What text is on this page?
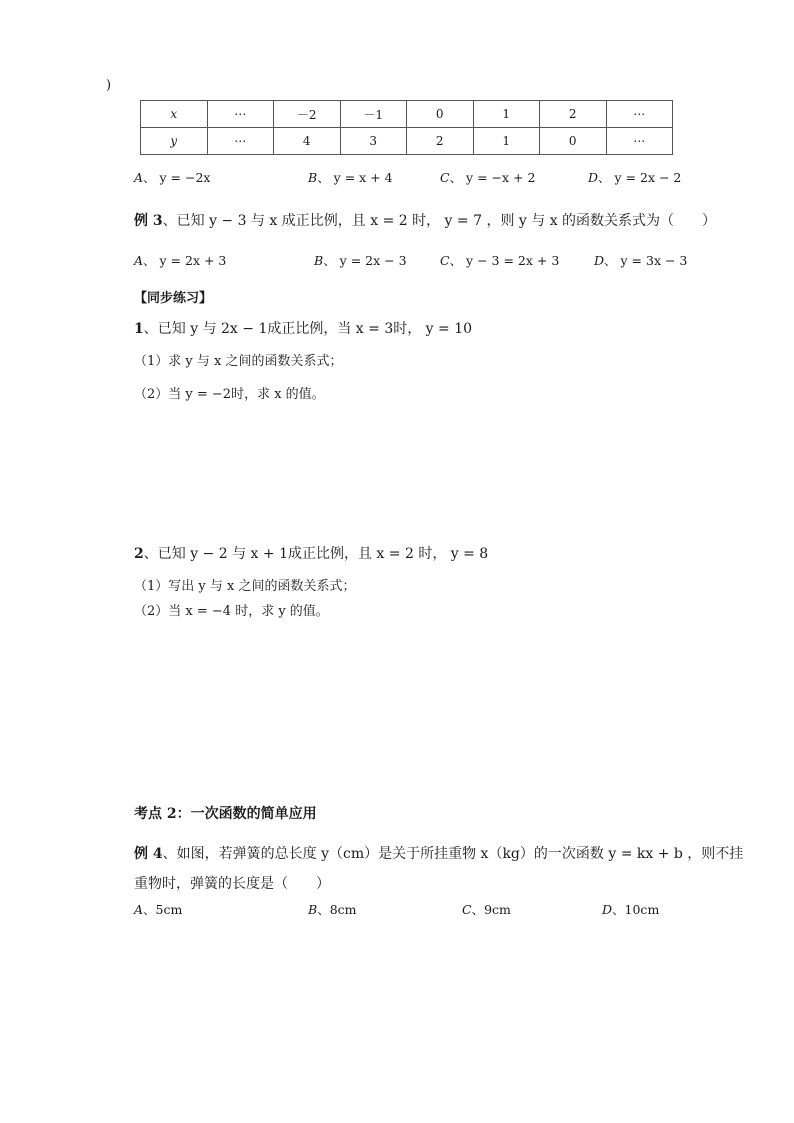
)
x	⋯	－2	－1	0	1	2	⋯
y	⋯	4	3	2	1	0	⋯
A、 y = −2x	B、 y = x + 4	C、 y = −x + 2	D、 y = 2x − 2
例 3、已知 y − 3 与 x 成正比例，且 x = 2 时， y = 7 ，则 y 与 x 的函数关系式为（　　）
A、 y = 2x + 3	B、 y = 2x − 3	C、 y − 3 = 2x + 3	D、 y = 3x − 3
【同步练习】
1、已知 y 与 2x − 1成正比例，当 x = 3时， y = 10
（1）求 y 与 x 之间的函数关系式；
（2）当 y = −2时，求 x 的值。
2、已知 y − 2 与 x + 1成正比例，且 x = 2 时， y = 8
（1）写出 y 与 x 之间的函数关系式；
（2）当 x = −4 时，求 y 的值。
考点 2：一次函数的简单应用
例 4、如图，若弹簧的总长度 y（cm）是关于所挂重物 x（kg）的一次函数 y = kx + b ，则不挂
重物时，弹簧的长度是（　　）
A、5cm	B、8cm	C、9cm	D、10cm
